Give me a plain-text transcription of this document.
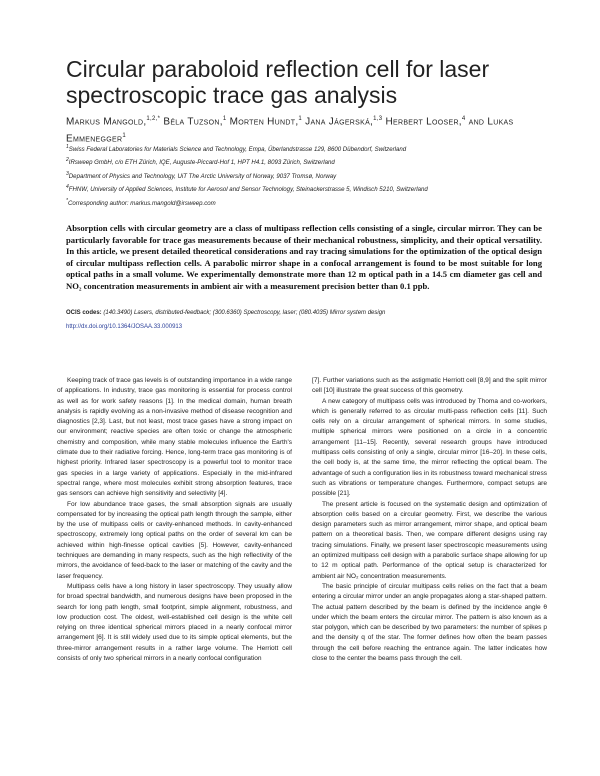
Circular paraboloid reflection cell for laser spectroscopic trace gas analysis
Markus Mangold,$^{1,2,*}$ Béla Tuzson,$^1$ Morten Hundt,$^1$ Jana Jágerská,$^{1,3}$ Herbert Looser,$^4$ and Lukas Emmenegger$^1$
$^1$Swiss Federal Laboratories for Materials Science and Technology, Empa, Überlandstrasse 129, 8600 Dübendorf, Switzerland
$^2$IRsweep GmbH, c/o ETH Zürich, IQE, Auguste-Piccard-Hof 1, HPT H4.1, 8093 Zürich, Switzerland
$^3$Department of Physics and Technology, UiT The Arctic University of Norway, 9037 Tromsø, Norway
$^4$FHNW, University of Applied Sciences, Institute for Aerosol and Sensor Technology, Steinackerstrasse 5, Windisch 5210, Switzerland
*Corresponding author: markus.mangold@irsweep.com
Absorption cells with circular geometry are a class of multipass reflection cells consisting of a single, circular mirror. They can be particularly favorable for trace gas measurements because of their mechanical robustness, simplicity, and their optical versatility. In this article, we present detailed theoretical considerations and ray tracing simulations for the optimization of the optical design of circular multipass reflection cells. A parabolic mirror shape in a confocal arrangement is found to be most suitable for long optical paths in a small volume. We experimentally demonstrate more than 12 m optical path in a 14.5 cm diameter gas cell and NO₂ concentration measurements in ambient air with a measurement precision better than 0.1 ppb.
OCIS codes: (140.3490) Lasers, distributed-feedback; (300.6360) Spectroscopy, laser; (080.4035) Mirror system design
http://dx.doi.org/10.1364/JOSAA.33.000913

Keeping track of trace gas levels is of outstanding importance in a wide range of applications. In industry, trace gas monitoring is essential for process control as well as for work safety reasons [1]. In the medical domain, human breath analysis is rapidly evolving as a non-invasive method of disease recognition and diagnostics [2,3]. Last, but not least, most trace gases have a strong impact on our environment; reactive species are often toxic or change the atmospheric chemistry and composition, while many stable molecules influence the Earth's climate due to their radiative forcing. Hence, long-term trace gas monitoring is of highest priority. Infrared laser spectroscopy is a powerful tool to monitor trace gas species in a large variety of applications. Especially in the mid-infrared spectral range, where most molecules exhibit strong absorption features, trace gas sensors can achieve high sensitivity and selectivity [4].

For low abundance trace gases, the small absorption signals are usually compensated for by increasing the optical path length through the sample, either by the use of multipass cells or cavity-enhanced methods. In cavity-enhanced spectroscopy, extremely long optical paths on the order of several km can be achieved within high-finesse optical cavities [5]. However, cavity-enhanced techniques are demanding in many respects, such as the high reflectivity of the mirrors, the avoidance of feed-back to the laser or matching of the cavity and the laser frequency.

Multipass cells have a long history in laser spectroscopy. They usually allow for broad spectral bandwidth, and numerous designs have been proposed in the search for long path length, small footprint, simple alignment, robustness, and low production cost. The oldest, well-established cell design is the white cell relying on three identical spherical mirrors placed in a nearly confocal mirror arrangement [6]. It is still widely used due to its simple optical elements, but the three-mirror arrangement results in a rather large volume. The Herriott cell consists of only two spherical mirrors in a nearly confocal configuration

[7]. Further variations such as the astigmatic Herriott cell [8,9] and the split mirror cell [10] illustrate the great success of this geometry.

A new category of multipass cells was introduced by Thoma and co-workers, which is generally referred to as circular multi-pass reflection cells [11]. Such cells rely on a circular arrangement of spherical mirrors. In some studies, multiple spherical mirrors were positioned on a circle in a concentric arrangement [11–15]. Recently, several research groups have introduced multipass cells consisting of only a single, circular mirror [16–20]. In these cells, the cell body is, at the same time, the mirror reflecting the optical beam. The advantage of such a configuration lies in its robustness toward mechanical stress such as vibrations or temperature changes. Furthermore, compact setups are possible [21].

The present article is focused on the systematic design and optimization of absorption cells based on a circular geometry. First, we describe the various design parameters such as mirror arrangement, mirror shape, and optical beam pattern on a theoretical basis. Then, we compare different designs using ray tracing simulations. Finally, we present laser spectroscopic measurements using an optimized multipass cell design with a parabolic surface shape allowing for up to 12 m optical path. Performance of the optical setup is characterized for ambient air NO₂ concentration measurements.

The basic principle of circular multipass cells relies on the fact that a beam entering a circular mirror under an angle propagates along a star-shaped pattern. The actual pattern described by the beam is defined by the incidence angle θ under which the beam enters the circular mirror. The pattern is also known as a star polygon, which can be described by two parameters: the number of spikes p and the density q of the star. The former defines how often the beam passes through the cell before reaching the entrance again. The latter indicates how close to the center the beams pass through the cell.
